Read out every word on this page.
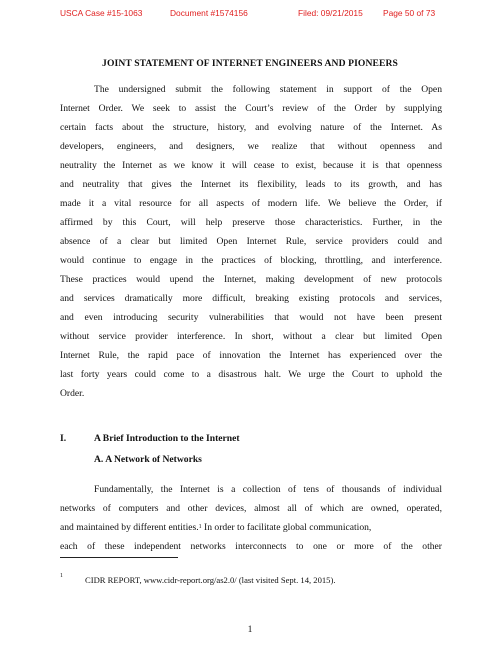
USCA Case #15-1063	Document #1574156	Filed: 09/21/2015 Page 50 of 73
JOINT STATEMENT OF INTERNET ENGINEERS AND PIONEERS
The undersigned submit the following statement in support of the Open
Internet Order. We seek to assist the Court’s review of the Order by supplying
certain facts about the structure, history, and evolving nature of the Internet. As
developers, engineers, and designers, we realize that without openness and
neutrality the Internet as we know it will cease to exist, because it is that openness
and neutrality that gives the Internet its flexibility, leads to its growth, and has
made it a vital resource for all aspects of modern life. We believe the Order, if
affirmed by this Court, will help preserve those characteristics. Further, in the
absence of a clear but limited Open Internet Rule, service providers could and
would continue to engage in the practices of blocking, throttling, and interference.
These practices would upend the Internet, making development of new protocols
and services dramatically more difficult, breaking existing protocols and services,
and even introducing security vulnerabilities that would not have been present
without service provider interference. In short, without a clear but limited Open
Internet Rule, the rapid pace of innovation the Internet has experienced over the
last forty years could come to a disastrous halt. We urge the Court to uphold the
Order.
I.	A Brief Introduction to the Internet
A. A Network of Networks
Fundamentally, the Internet is a collection of tens of thousands of individual
networks of computers and other devices, almost all of which are owned, operated,
and maintained by different entities.$^1$ In order to facilitate global communication,
each of these independent networks interconnects to one or more of the other
$^1$	CIDR REPORT, www.cidr-report.org/as2.0/ (last visited Sept. 14, 2015).
1
